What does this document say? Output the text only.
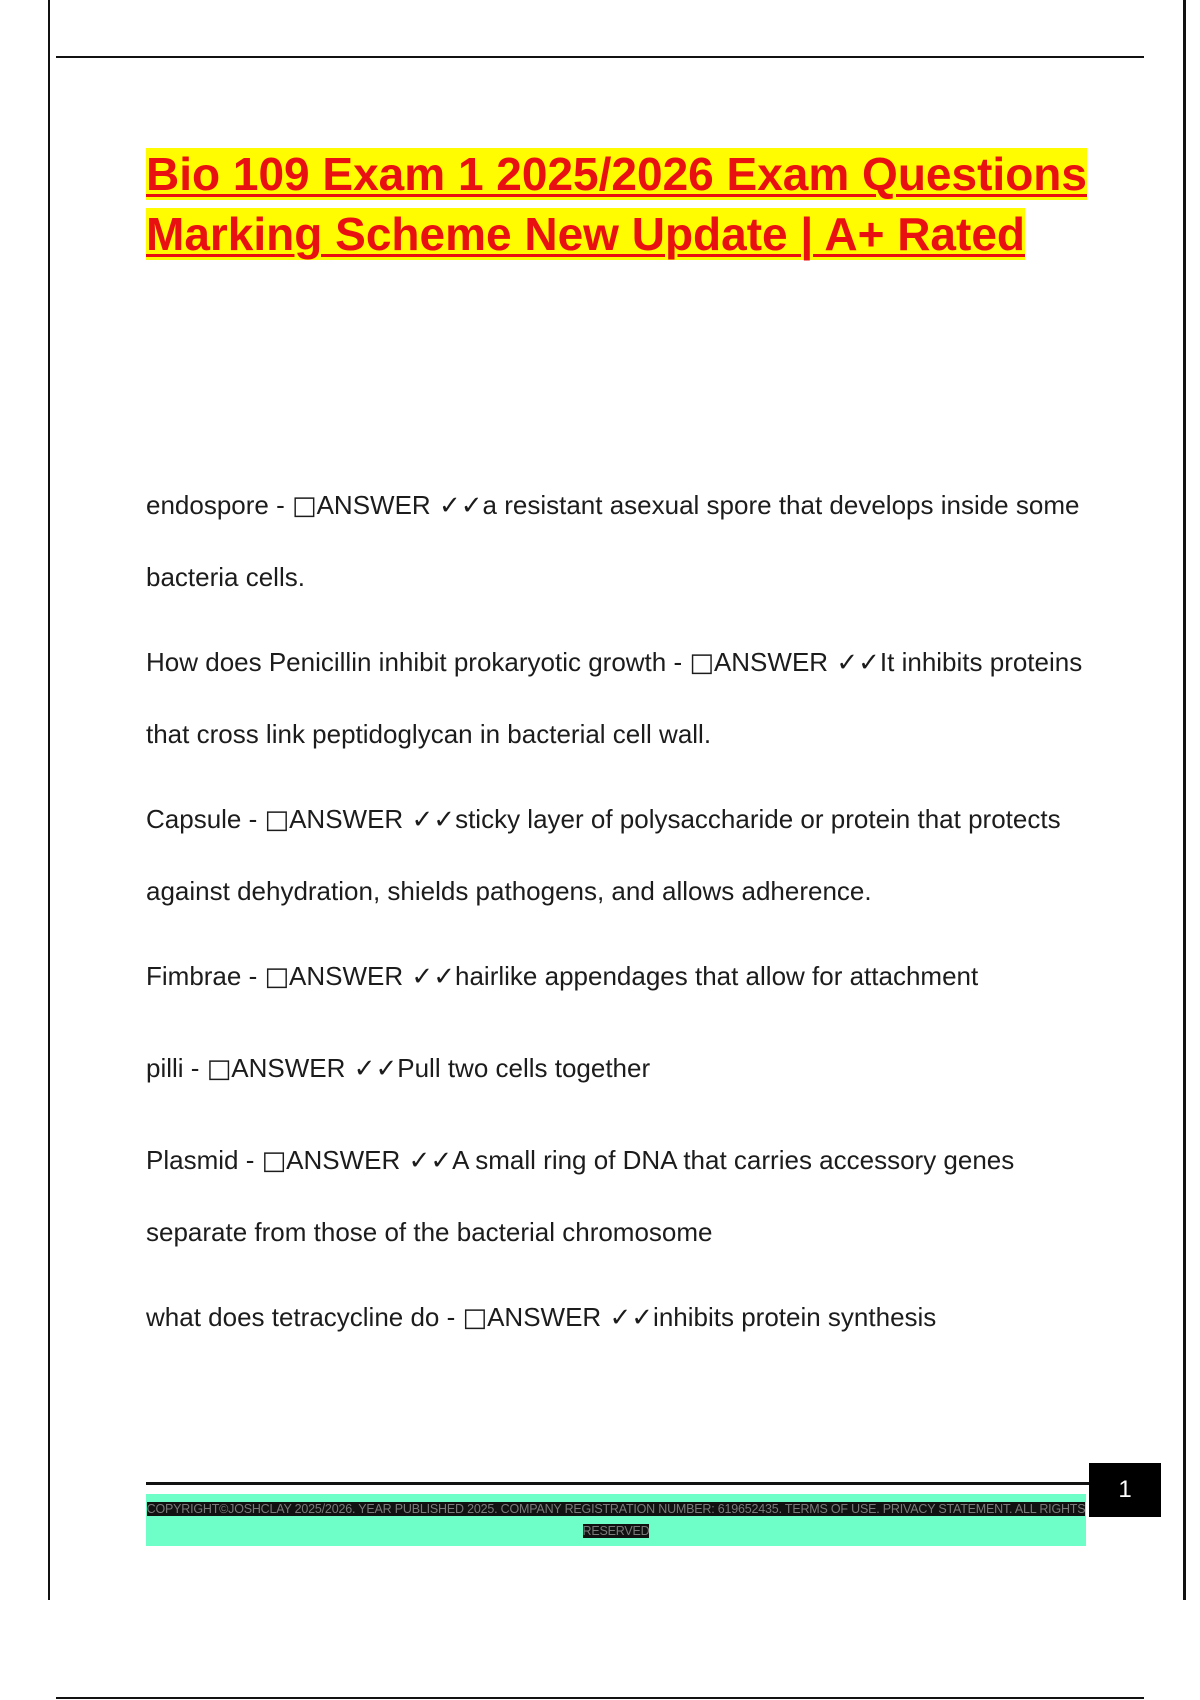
Bio 109 Exam 1 2025/2026 Exam Questions Marking Scheme New Update | A+ Rated
endospore - □ANSWER ✓✓a resistant asexual spore that develops inside some bacteria cells.
How does Penicillin inhibit prokaryotic growth - □ANSWER ✓✓It inhibits proteins that cross link peptidoglycan in bacterial cell wall.
Capsule - □ANSWER ✓✓sticky layer of polysaccharide or protein that protects against dehydration, shields pathogens, and allows adherence.
Fimbrae - □ANSWER ✓✓hairlike appendages that allow for attachment
pilli - □ANSWER ✓✓Pull two cells together
Plasmid - □ANSWER ✓✓A small ring of DNA that carries accessory genes separate from those of the bacterial chromosome
what does tetracycline do - □ANSWER ✓✓inhibits protein synthesis
1
COPYRIGHT©JOSHCLAY 2025/2026. YEAR PUBLISHED 2025. COMPANY REGISTRATION NUMBER: 619652435. TERMS OF USE. PRIVACY STATEMENT. ALL RIGHTS RESERVED
